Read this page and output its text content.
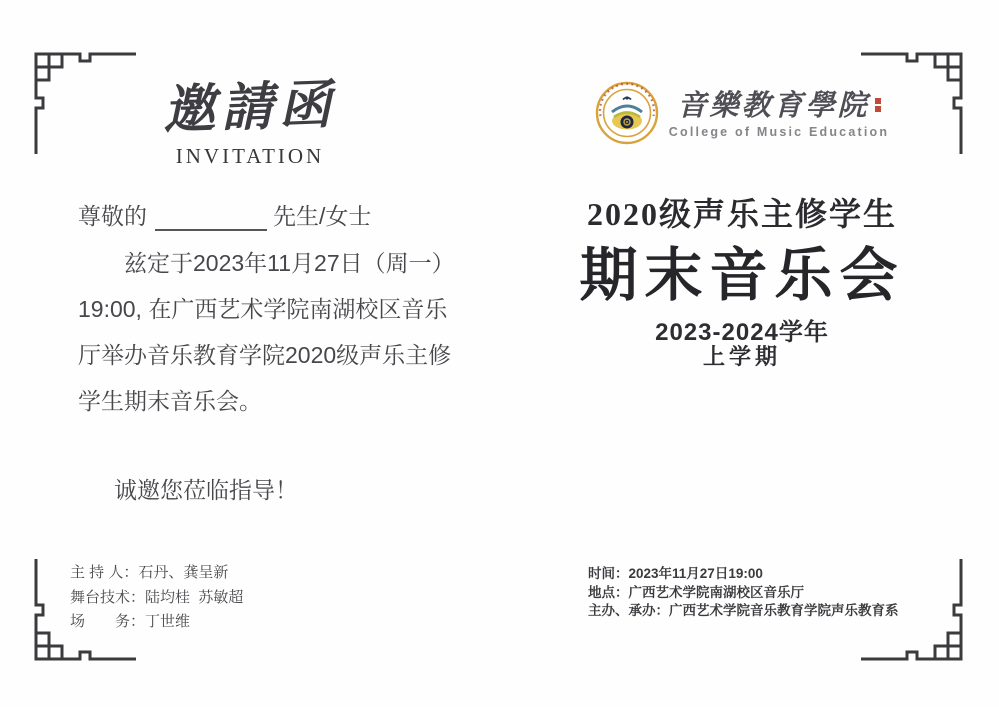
邀請函
INVITATION
尊敬的	先生/女士

兹定于2023年11月27日（周一）

19:00, 在广西艺术学院南湖校区音乐

厅举办音乐教育学院2020级声乐主修

学生期末音乐会。

诚邀您莅临指导！
主 持 人： 石丹、龚呈新
舞台技术： 陆均桂  苏敏超
场　　务： 丁世维
音樂教育學院
College of Music Education
2020级声乐主修学生
期末音乐会
2023-2024学年
上学期
时间： 2023年11月27日19:00
地点： 广西艺术学院南湖校区音乐厅
主办、承办： 广西艺术学院音乐教育学院声乐教育系
